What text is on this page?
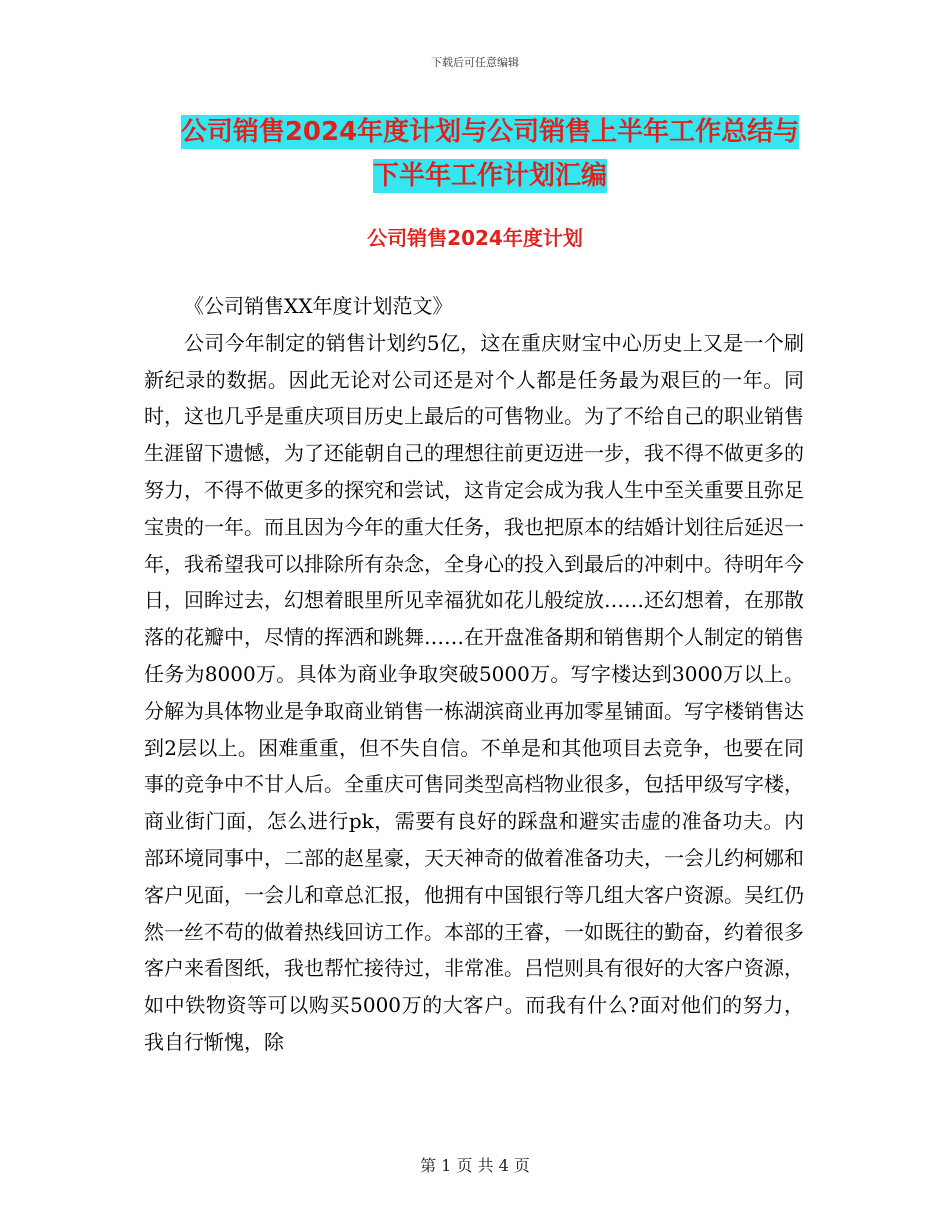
下载后可任意编辑
公司销售2024年度计划与公司销售上半年工作总结与
下半年工作计划汇编
公司销售2024年度计划

《公司销售XX年度计划范文》

公司今年制定的销售计划约5亿，这在重庆财宝中心历史上又是一个刷新纪录的数据。因此无论对公司还是对个人都是任务最为艰巨的一年。同时，这也几乎是重庆项目历史上最后的可售物业。为了不给自己的职业销售生涯留下遗憾，为了还能朝自己的理想往前更迈进一步，我不得不做更多的努力，不得不做更多的探究和尝试，这肯定会成为我人生中至关重要且弥足宝贵的一年。而且因为今年的重大任务，我也把原本的结婚计划往后延迟一年，我希望我可以排除所有杂念，全身心的投入到最后的冲刺中。待明年今日，回眸过去，幻想着眼里所见幸福犹如花儿般绽放……还幻想着，在那散落的花瓣中，尽情的挥洒和跳舞……在开盘准备期和销售期个人制定的销售任务为8000万。具体为商业争取突破5000万。写字楼达到3000万以上。分解为具体物业是争取商业销售一栋湖滨商业再加零星铺面。写字楼销售达到2层以上。困难重重，但不失自信。不单是和其他项目去竞争，也要在同事的竞争中不甘人后。全重庆可售同类型高档物业很多，包括甲级写字楼，商业街门面，怎么进行pk，需要有良好的踩盘和避实击虚的准备功夫。内部环境同事中，二部的赵星豪，天天神奇的做着准备功夫，一会儿约柯娜和客户见面，一会儿和章总汇报，他拥有中国银行等几组大客户资源。吴红仍然一丝不苟的做着热线回访工作。本部的王睿，一如既往的勤奋，约着很多客户来看图纸，我也帮忙接待过，非常准。吕恺则具有很好的大客户资源，如中铁物资等可以购买5000万的大客户。而我有什么?面对他们的努力，我自行惭愧，除

第 1 页 共 4 页
